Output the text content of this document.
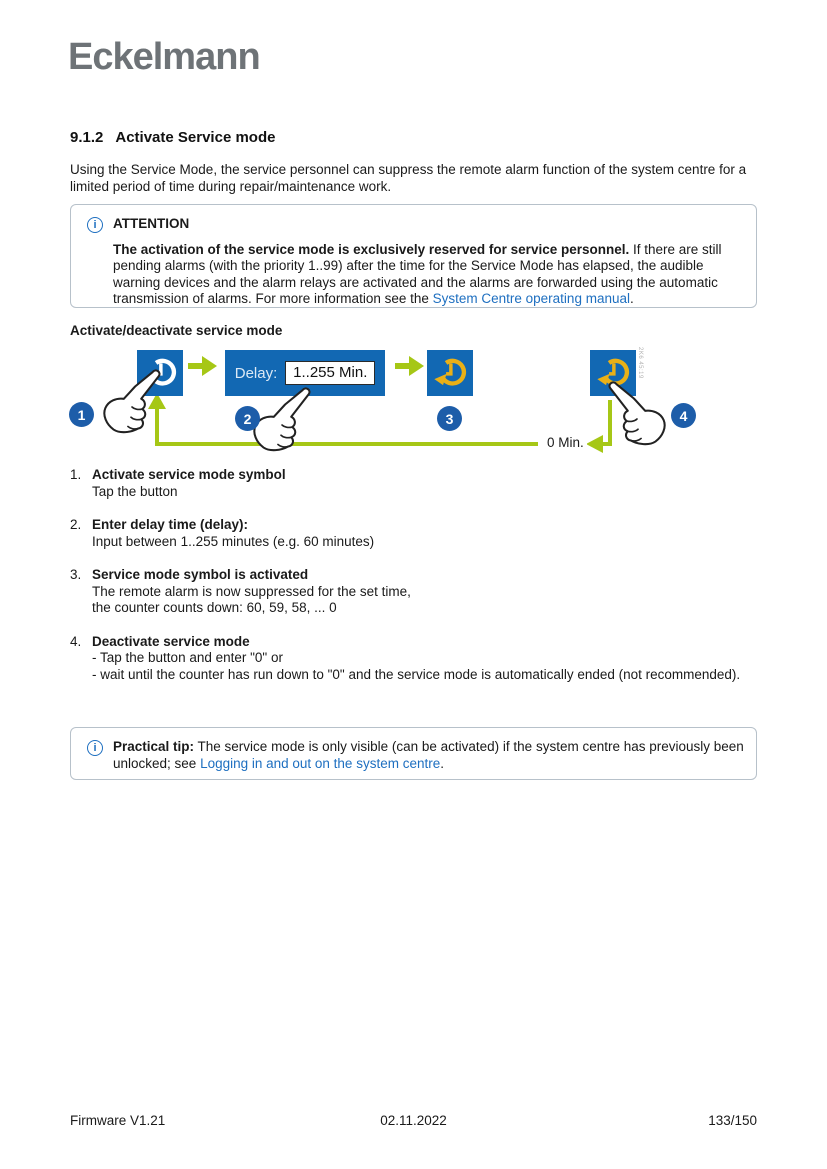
Eckelmann
9.1.2 Activate Service mode
Using the Service Mode, the service personnel can suppress the remote alarm function of the system centre for a limited period of time during repair/maintenance work.
i	ATTENTION
The activation of the service mode is exclusively reserved for service personnel. If there are still pending alarms (with the priority 1..99) after the time for the Service Mode has elapsed, the audible warning devices and the alarm relays are activated and the alarms are forwarded using the automatic transmission of alarms. For more information see the System Centre operating manual.
Activate/deactivate service mode
Delay:	1..255 Min.	2K6 45:19
1	2	3	4
0 Min.
1. Activate service mode symbol
Tap the button
2. Enter delay time (delay):
Input between 1..255 minutes (e.g. 60 minutes)
3. Service mode symbol is activated
The remote alarm is now suppressed for the set time,
the counter counts down: 60, 59, 58, ... 0
4. Deactivate service mode
- Tap the button and enter "0" or
- wait until the counter has run down to "0" and the service mode is automatically ended (not recommended).
i	Practical tip: The service mode is only visible (can be activated) if the system centre has previously been unlocked; see Logging in and out on the system centre.
Firmware V1.21	02.11.2022	133/150
